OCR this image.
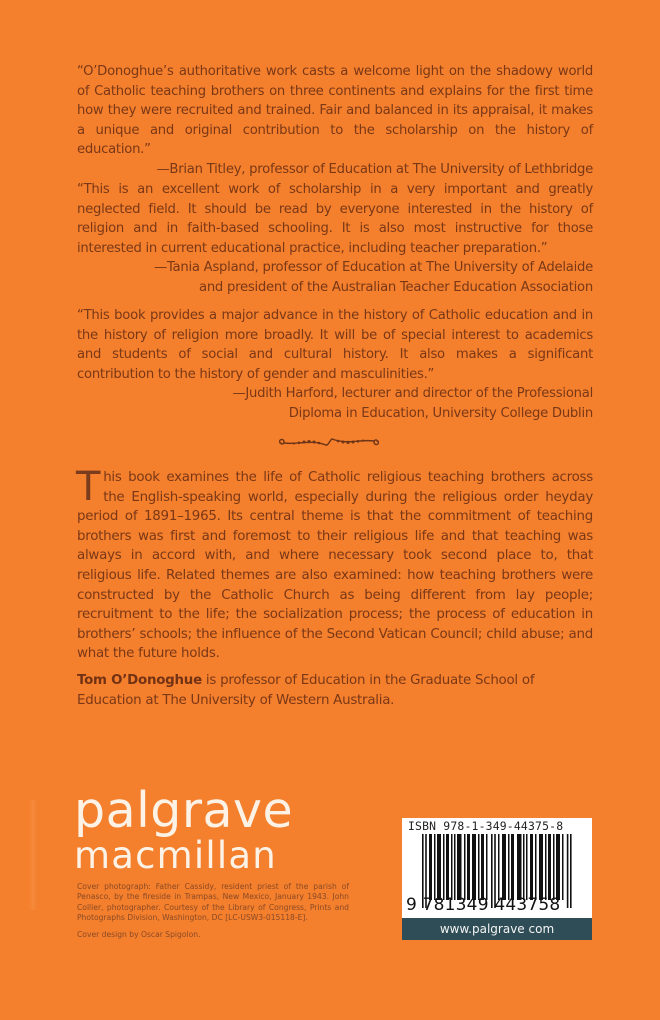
“O’Donoghue’s authoritative work casts a welcome light on the shadowy world of Catholic teaching brothers on three continents and explains for the first time how they were recruited and trained. Fair and balanced in its appraisal, it makes a unique and original contribution to the scholarship on the history of education.”

—Brian Titley, professor of Education at The University of Lethbridge

“This is an excellent work of scholarship in a very important and greatly neglected field. It should be read by everyone interested in the history of religion and in faith-based schooling. It is also most instructive for those interested in current educational practice, including teacher preparation.”

—Tania Aspland, professor of Education at The University of Adelaide
and president of the Australian Teacher Education Association

“This book provides a major advance in the history of Catholic education and in the history of religion more broadly. It will be of special interest to academics and students of social and cultural history. It also makes a significant contribution to the history of gender and masculinities.”

—Judith Harford, lecturer and director of the Professional
Diploma in Education, University College Dublin
This book examines the life of Catholic religious teaching brothers across the English-speaking world, especially during the religious order heyday period of 1891–1965. Its central theme is that the commitment of teaching brothers was first and foremost to their religious life and that teaching was always in accord with, and where necessary took second place to, that religious life. Related themes are also examined: how teaching brothers were constructed by the Catholic Church as being different from lay people; recruitment to the life; the socialization process; the process of education in brothers’ schools; the influence of the Second Vatican Council; child abuse; and what the future holds.
Tom O’Donoghue is professor of Education in the Graduate School of Education at The University of Western Australia.
palgrave
macmillan

Cover photograph: Father Cassidy, resident priest of the parish of Penasco, by the fireside in Trampas, New Mexico, January 1943. John Collier, photographer. Courtesy of the Library of Congress, Prints and Photographs Division, Washington, DC [LC-USW3-015118-E].

Cover design by Oscar Spigolon.

ISBN 978-1-349-44375-8
9 781349 443758
www.palgrave com
